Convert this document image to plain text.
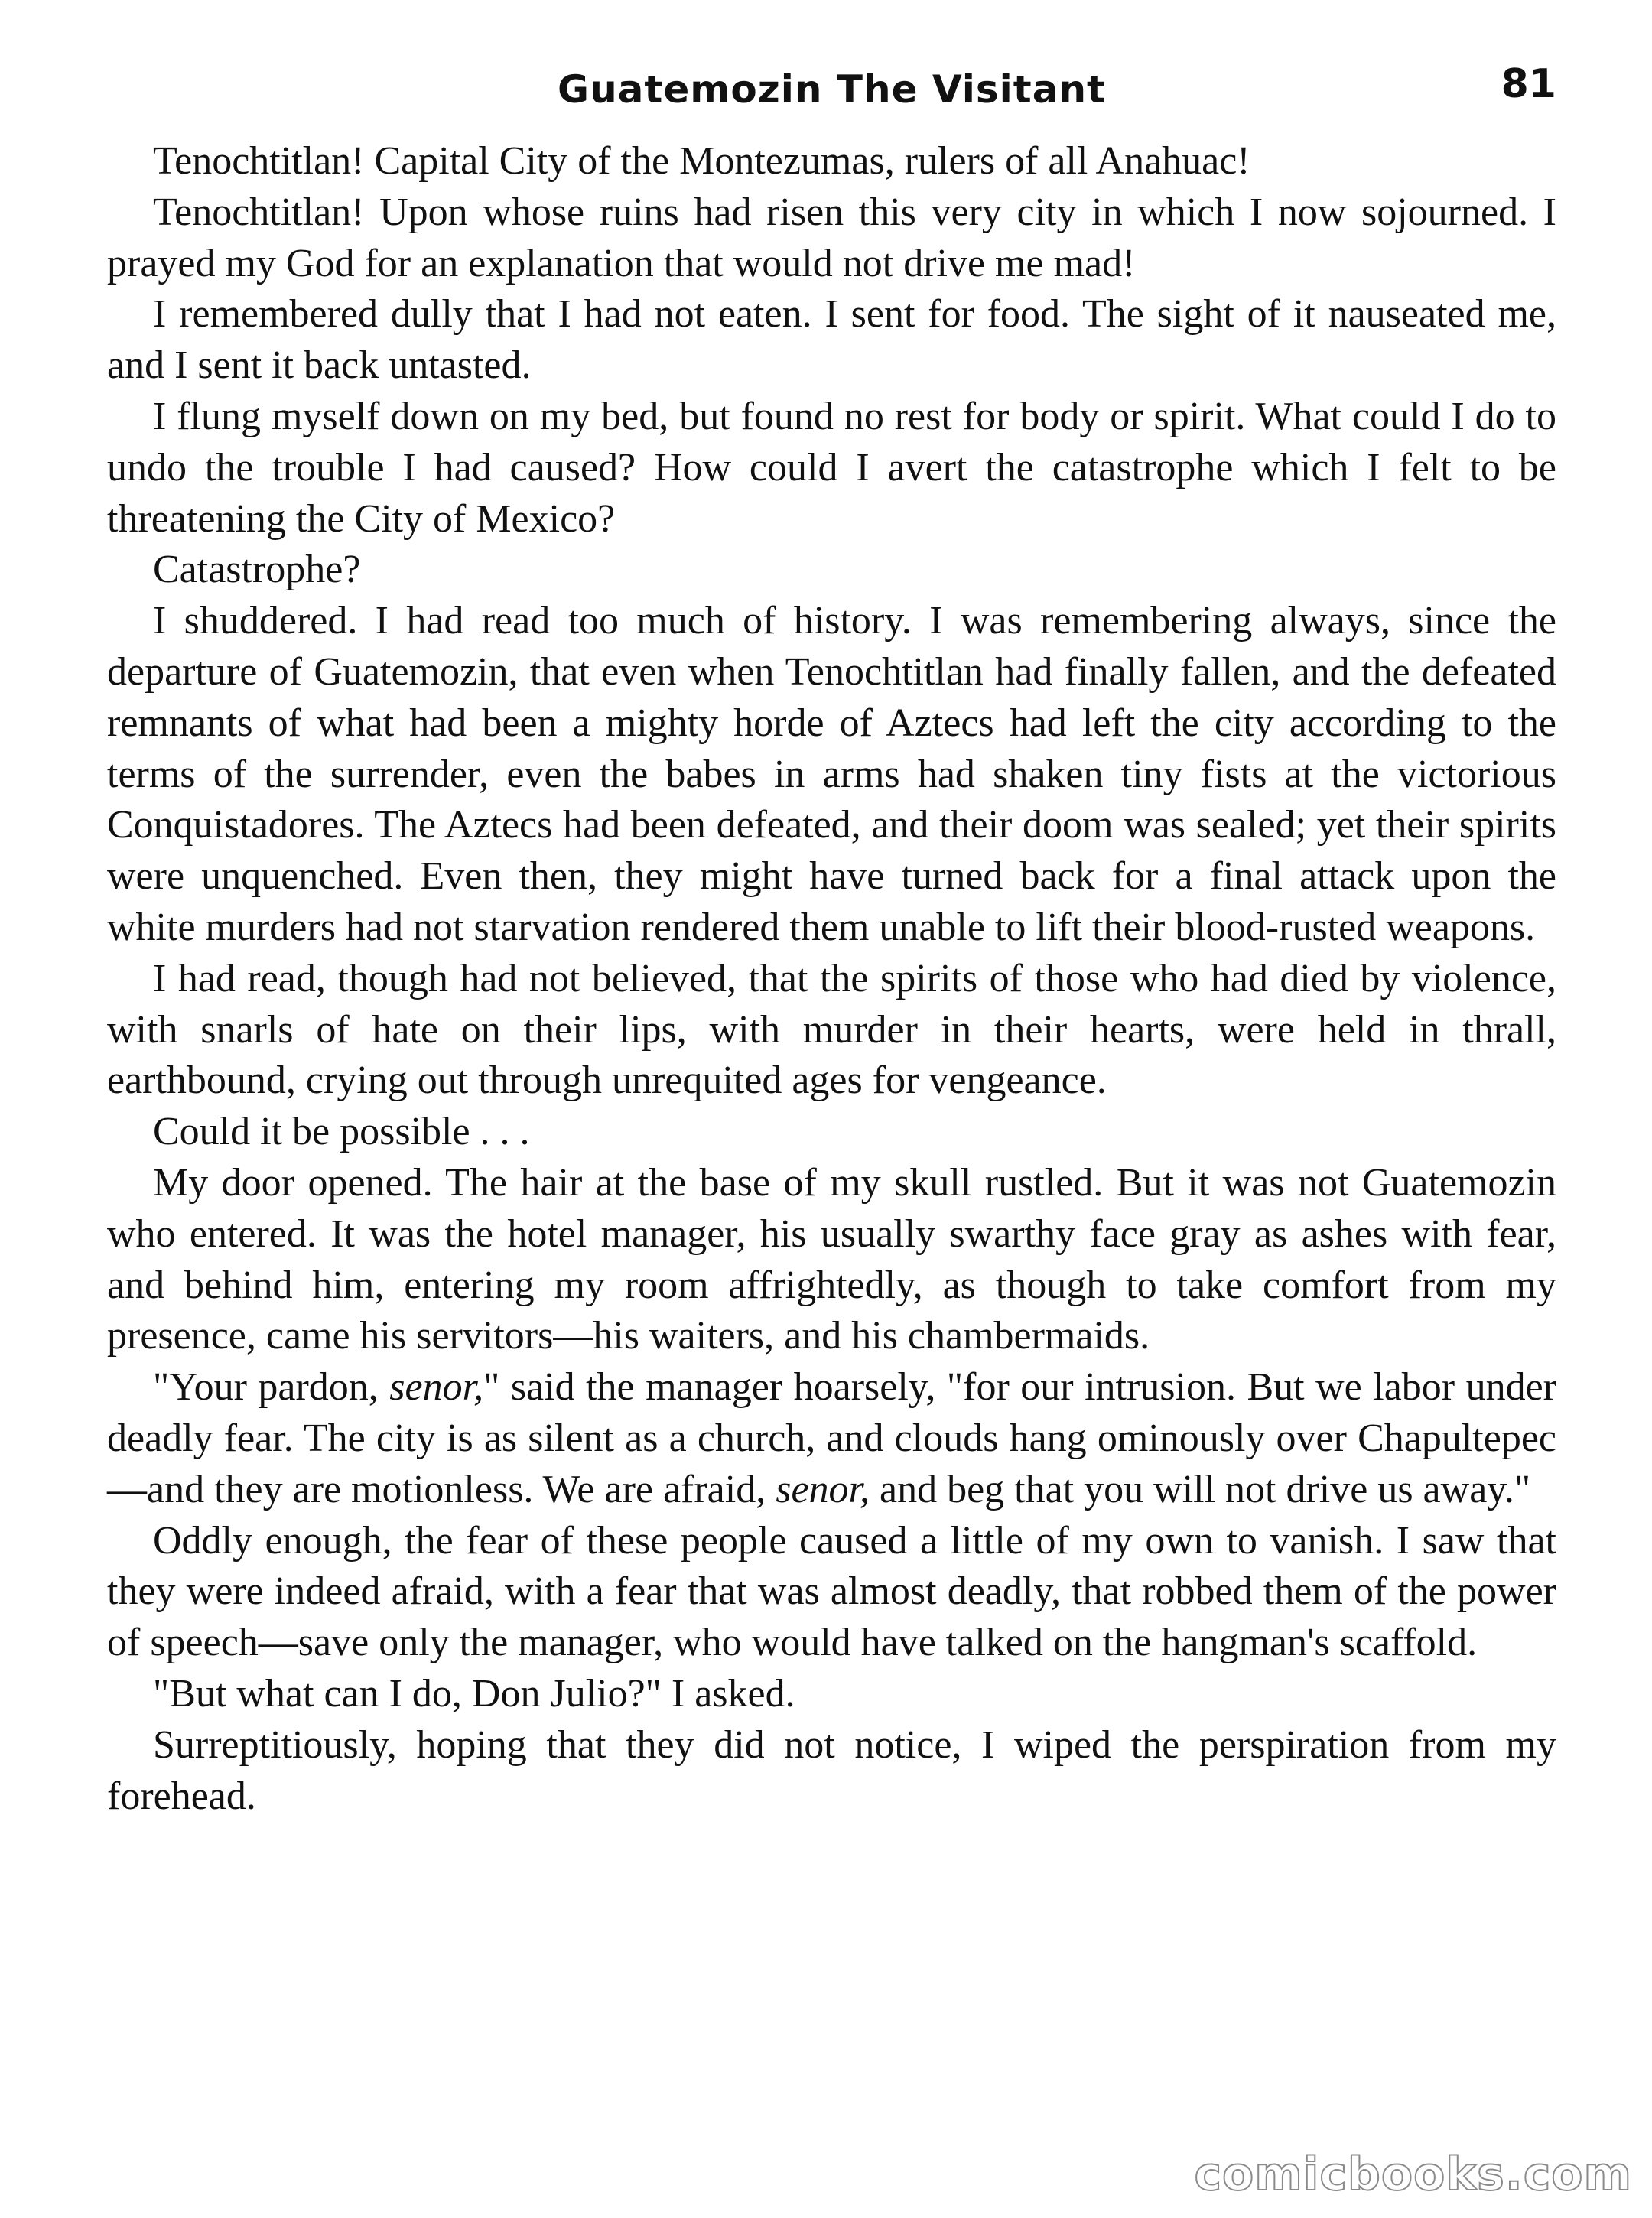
Guatemozin The Visitant	81

Tenochtitlan! Capital City of the Montezumas, rulers of all Anahuac!

Tenochtitlan! Upon whose ruins had risen this very city in which I now sojourned. I prayed my God for an explanation that would not drive me mad!

I remembered dully that I had not eaten. I sent for food. The sight of it nauseated me, and I sent it back untasted.

I flung myself down on my bed, but found no rest for body or spirit. What could I do to undo the trouble I had caused? How could I avert the catastrophe which I felt to be threatening the City of Mexico?

Catastrophe?

I shuddered. I had read too much of history. I was remembering always, since the departure of Guatemozin, that even when Tenochtitlan had finally fallen, and the defeated remnants of what had been a mighty horde of Aztecs had left the city according to the terms of the surrender, even the babes in arms had shaken tiny fists at the victorious Conquistadores. The Aztecs had been defeated, and their doom was sealed; yet their spirits were unquenched. Even then, they might have turned back for a final attack upon the white murders had not starvation rendered them unable to lift their blood-rusted weapons.

I had read, though had not believed, that the spirits of those who had died by violence, with snarls of hate on their lips, with murder in their hearts, were held in thrall, earthbound, crying out through unrequited ages for vengeance.

Could it be possible . . .

My door opened. The hair at the base of my skull rustled. But it was not Guatemozin who entered. It was the hotel manager, his usually swarthy face gray as ashes with fear, and behind him, entering my room affrightedly, as though to take comfort from my presence, came his servitors—his waiters, and his chambermaids.

"Your pardon, senor," said the manager hoarsely, "for our intrusion. But we labor under deadly fear. The city is as silent as a church, and clouds hang ominously over Chapultepec—and they are motionless. We are afraid, senor, and beg that you will not drive us away."

Oddly enough, the fear of these people caused a little of my own to vanish. I saw that they were indeed afraid, with a fear that was almost deadly, that robbed them of the power of speech—save only the manager, who would have talked on the hangman's scaffold.

"But what can I do, Don Julio?" I asked.

Surreptitiously, hoping that they did not notice, I wiped the perspiration from my forehead.

comicbooks.com
